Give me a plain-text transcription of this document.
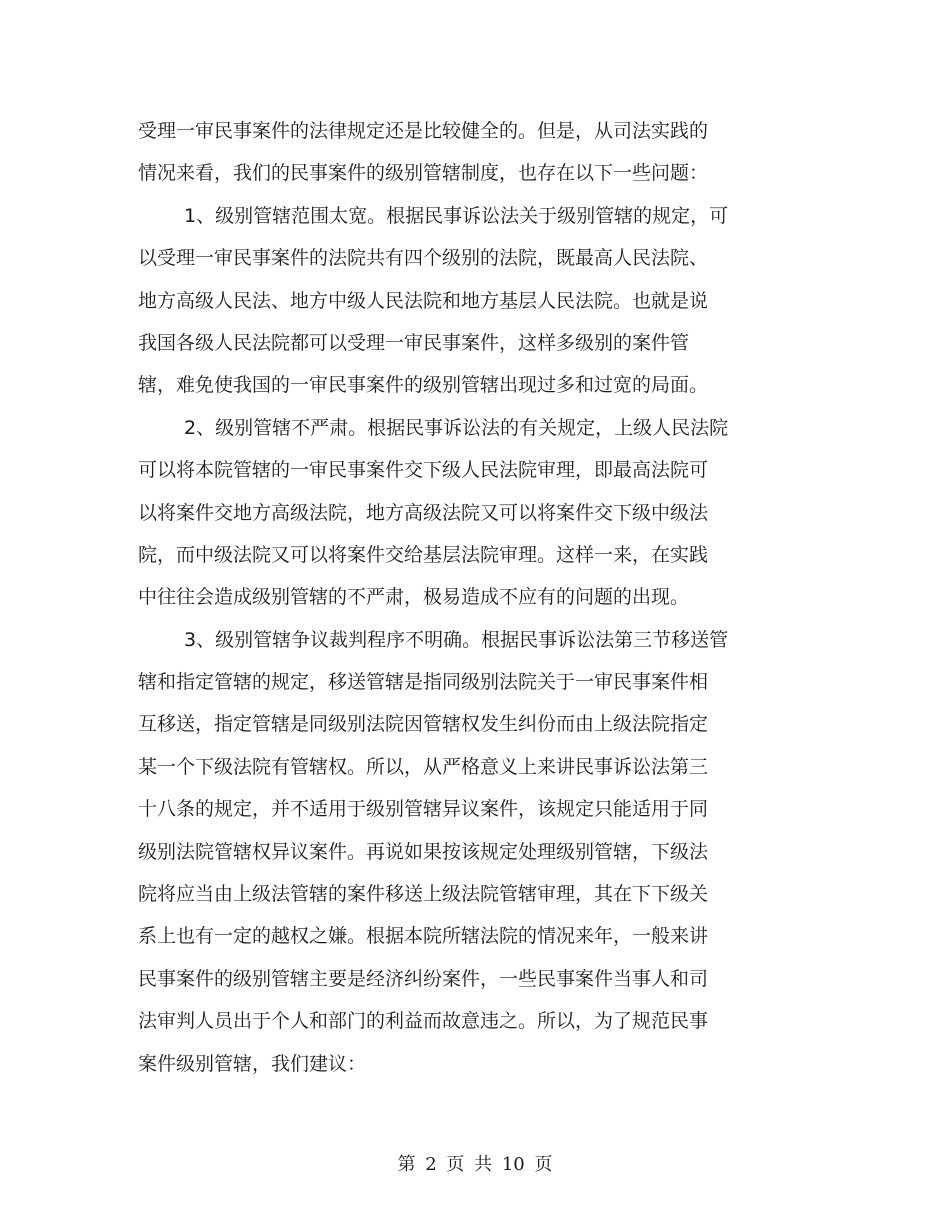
受理一审民事案件的法律规定还是比较健全的。但是，从司法实践的
情况来看，我们的民事案件的级别管辖制度，也存在以下一些问题：
1、级别管辖范围太宽。根据民事诉讼法关于级别管辖的规定，可
以受理一审民事案件的法院共有四个级别的法院，既最高人民法院、
地方高级人民法、地方中级人民法院和地方基层人民法院。也就是说
我国各级人民法院都可以受理一审民事案件，这样多级别的案件管
辖，难免使我国的一审民事案件的级别管辖出现过多和过宽的局面。
2、级别管辖不严肃。根据民事诉讼法的有关规定，上级人民法院
可以将本院管辖的一审民事案件交下级人民法院审理，即最高法院可
以将案件交地方高级法院，地方高级法院又可以将案件交下级中级法
院，而中级法院又可以将案件交给基层法院审理。这样一来，在实践
中往往会造成级别管辖的不严肃，极易造成不应有的问题的出现。
3、级别管辖争议裁判程序不明确。根据民事诉讼法第三节移送管
辖和指定管辖的规定，移送管辖是指同级别法院关于一审民事案件相
互移送，指定管辖是同级别法院因管辖权发生纠份而由上级法院指定
某一个下级法院有管辖权。所以，从严格意义上来讲民事诉讼法第三
十八条的规定，并不适用于级别管辖异议案件，该规定只能适用于同
级别法院管辖权异议案件。再说如果按该规定处理级别管辖，下级法
院将应当由上级法管辖的案件移送上级法院管辖审理，其在下下级关
系上也有一定的越权之嫌。根据本院所辖法院的情况来年，一般来讲
民事案件的级别管辖主要是经济纠纷案件，一些民事案件当事人和司
法审判人员出于个人和部门的利益而故意违之。所以，为了规范民事
案件级别管辖，我们建议：
第 2 页 共 10 页
